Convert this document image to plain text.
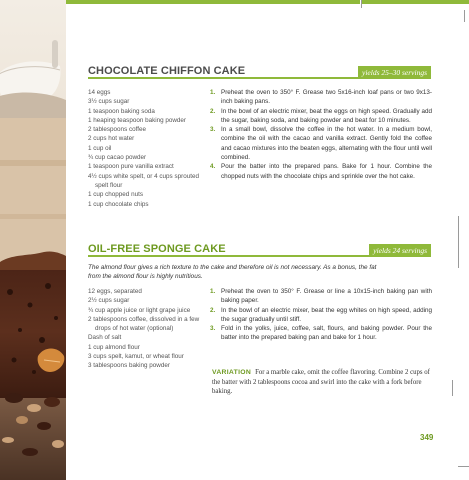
CHOCOLATE CHIFFON CAKE	yields 25–30 servings
14 eggs
3½ cups sugar
1 teaspoon baking soda
1 heaping teaspoon baking powder
2 tablespoons coffee
2 cups hot water
1 cup oil
¾ cup cacao powder
1 teaspoon pure vanilla extract
4½ cups white spelt, or 4 cups sprouted spelt flour
1 cup chopped nuts
1 cup chocolate chips
1. Preheat the oven to 350° F. Grease two 5x16-inch loaf pans or two 9x13-inch baking pans.
2. In the bowl of an electric mixer, beat the eggs on high speed. Gradually add the sugar, baking soda, and baking powder and beat for 10 minutes.
3. In a small bowl, dissolve the coffee in the hot water. In a medium bowl, combine the oil with the cacao and vanilla extract. Gently fold the coffee and cacao mixtures into the beaten eggs, alternating with the flour until well combined.
4. Pour the batter into the prepared pans. Bake for 1 hour. Combine the chopped nuts with the chocolate chips and sprinkle over the hot cake.
OIL-FREE SPONGE CAKE	yields 24 servings

The almond flour gives a rich texture to the cake and therefore oil is not necessary. As a bonus, the fat from the almond flour is highly nutritious.

12 eggs, separated
2½ cups sugar
¾ cup apple juice or light grape juice
2 tablespoons coffee, dissolved in a few drops of hot water (optional)
Dash of salt
1 cup almond flour
3 cups spelt, kamut, or wheat flour
3 tablespoons baking powder
1. Preheat the oven to 350° F. Grease or line a 10x15-inch baking pan with baking paper.
2. In the bowl of an electric mixer, beat the egg whites on high speed, adding the sugar gradually until stiff.
3. Fold in the yolks, juice, coffee, salt, flours, and baking powder. Pour the batter into the prepared baking pan and bake for 1 hour.
VARIATION For a marble cake, omit the coffee flavoring. Combine 2 cups of the batter with 2 tablespoons cocoa and swirl into the cake with a fork before baking.
349
